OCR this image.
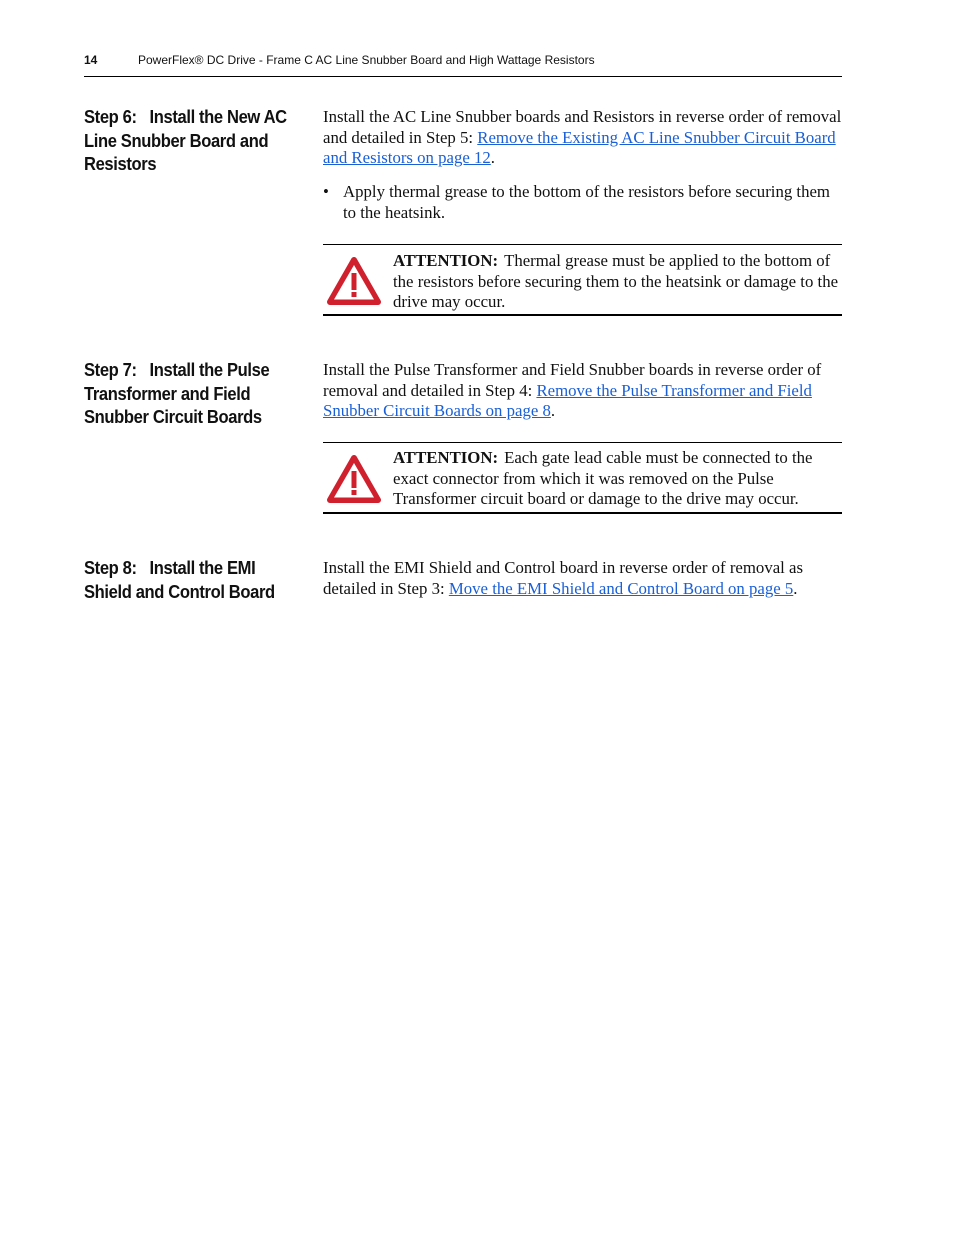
14	PowerFlex® DC Drive - Frame C AC Line Snubber Board and High Wattage Resistors
Step 6: Install the New AC Line Snubber Board and Resistors
Install the AC Line Snubber boards and Resistors in reverse order of removal and detailed in Step 5: Remove the Existing AC Line Snubber Circuit Board and Resistors on page 12.
• Apply thermal grease to the bottom of the resistors before securing them to the heatsink.
ATTENTION: Thermal grease must be applied to the bottom of the resistors before securing them to the heatsink or damage to the drive may occur.
Step 7: Install the Pulse Transformer and Field Snubber Circuit Boards
Install the Pulse Transformer and Field Snubber boards in reverse order of removal and detailed in Step 4: Remove the Pulse Transformer and Field Snubber Circuit Boards on page 8.
ATTENTION: Each gate lead cable must be connected to the exact connector from which it was removed on the Pulse Transformer circuit board or damage to the drive may occur.
Step 8: Install the EMI Shield and Control Board
Install the EMI Shield and Control board in reverse order of removal as detailed in Step 3: Move the EMI Shield and Control Board on page 5.
